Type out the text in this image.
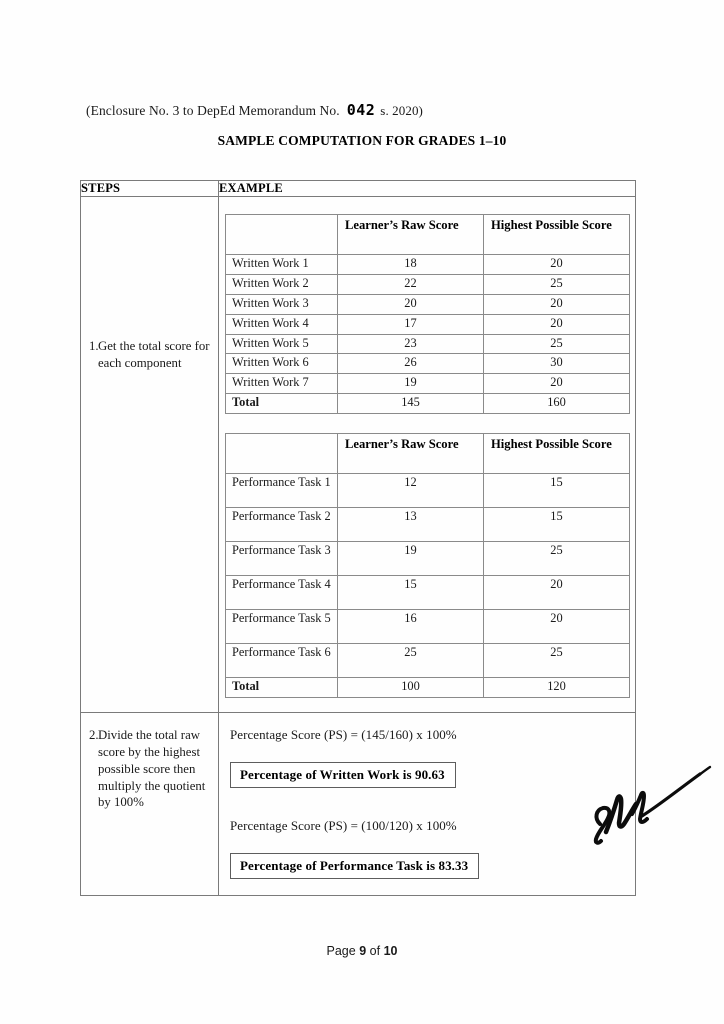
(Enclosure No. 3 to DepEd Memorandum No. 042 s. 2020)
SAMPLE COMPUTATION FOR GRADES 1–10
STEPS	EXAMPLE

1. Get the total score for each component

	Learner’s Raw Score	Highest Possible Score
Written Work 1	18	20
Written Work 2	22	25
Written Work 3	20	20
Written Work 4	17	20
Written Work 5	23	25
Written Work 6	26	30
Written Work 7	19	20
Total	145	160
	Learner’s Raw Score	Highest Possible Score
Performance Task 1	12	15
Performance Task 2	13	15
Performance Task 3	19	25
Performance Task 4	15	20
Performance Task 5	16	20
Performance Task 6	25	25
Total	100	120

2. Divide the total raw score by the highest possible score then multiply the quotient by 100%

Percentage Score (PS) = (145/160) x 100%
Percentage of Written Work is 90.63
Percentage Score (PS) = (100/120) x 100%
Percentage of Performance Task is 83.33
Page 9 of 10
